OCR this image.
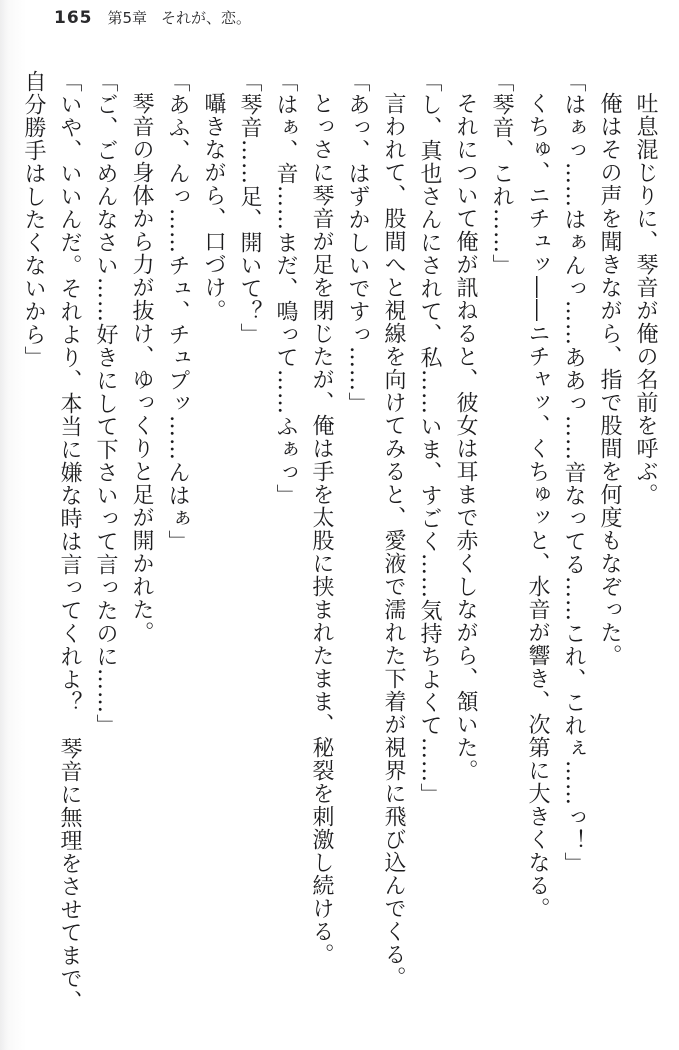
165 第5章 それが、恋。

吐息混じりに、琴音が俺の名前を呼ぶ。

俺はその声を聞きながら、指で股間を何度もなぞった。

「はぁっ……はぁんっ……ああっ……音なってる……これ、これぇ……っ！」

くちゅ、ニチュッ――ニチャッ、くちゅッと、水音が響き、次第に大きくなる。

「琴音、これ……」

それについて俺が訊ねると、彼女は耳まで赤くしながら、頷いた。

「し、真也さんにされて、私……いま、すごく……気持ちよくて……」

言われて、股間へと視線を向けてみると、愛液で濡れた下着が視界に飛び込んでくる。

「あっ、はずかしいですっ……」

とっさに琴音が足を閉じたが、俺は手を太股に挟まれたまま、秘裂を刺激し続ける。

「はぁ、音……まだ、鳴って……ふぁっ」

「琴音……足、開いて？」

囁きながら、口づけ。

「あふ、んっ……チュ、チュプッ……んはぁ」

琴音の身体から力が抜け、ゆっくりと足が開かれた。

「ご、ごめんなさい……好きにして下さいって言ったのに……」

「いや、いいんだ。それより、本当に嫌な時は言ってくれよ？　琴音に無理をさせてまで、自分勝手はしたくないから」
